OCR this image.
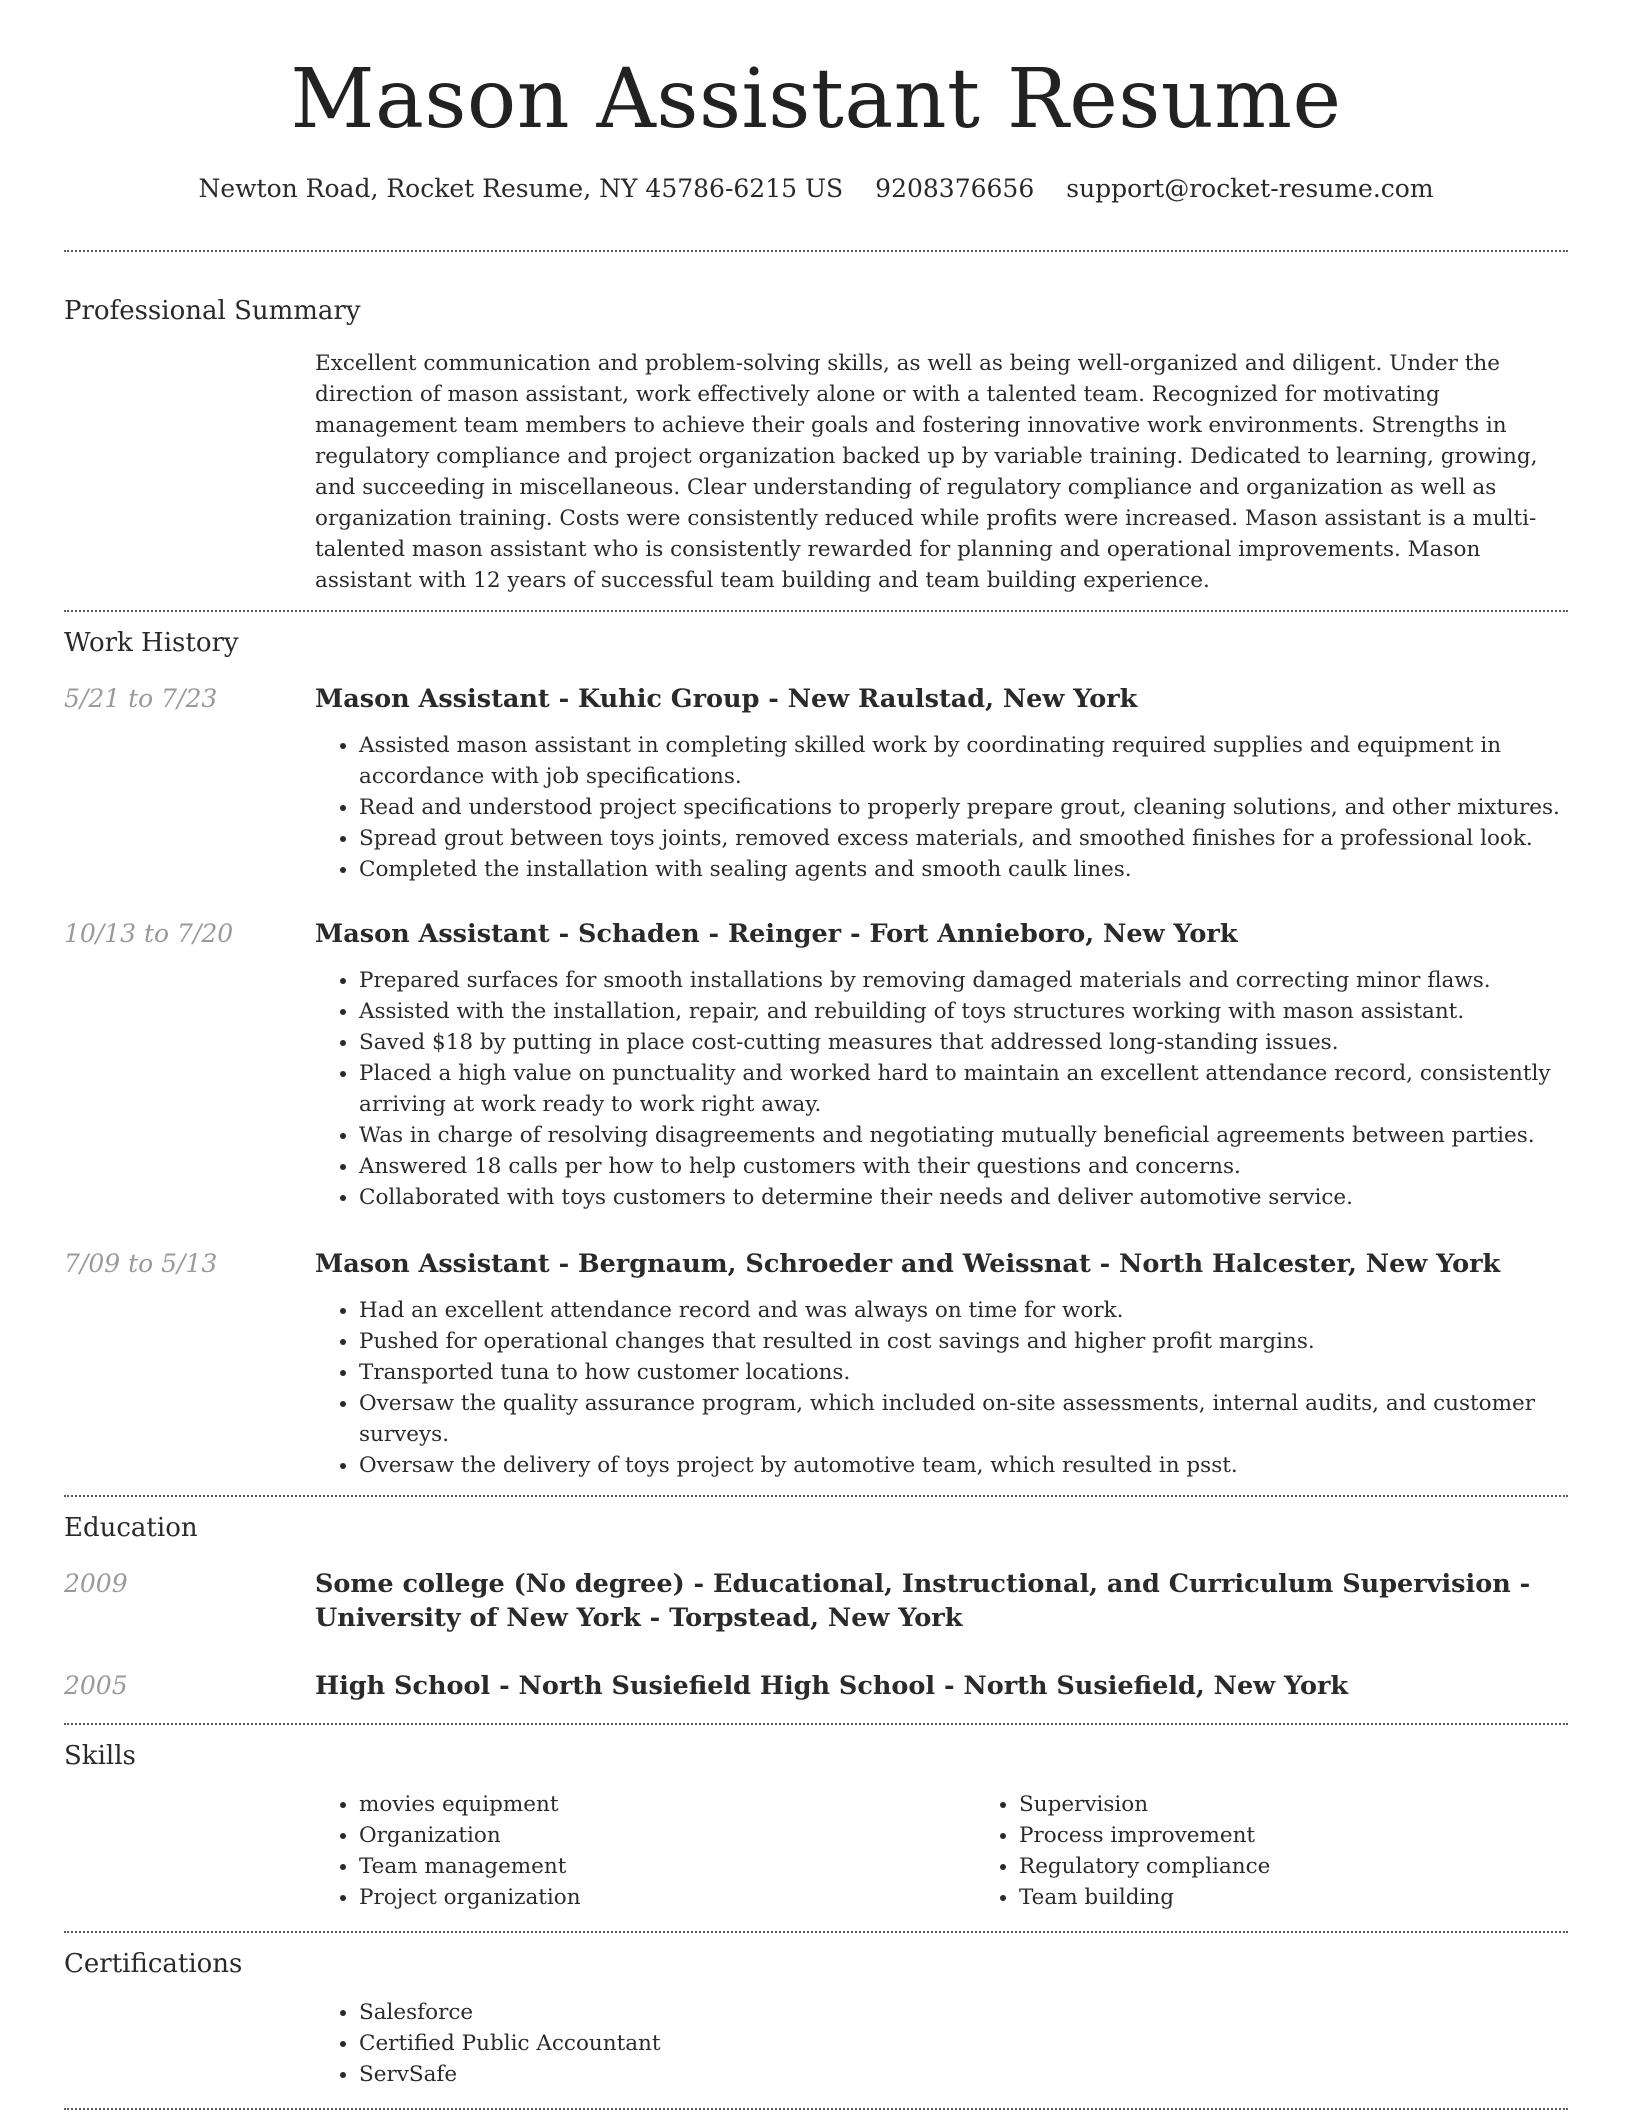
Mason Assistant Resume
Newton Road, Rocket Resume, NY 45786-6215 US 9208376656 support@rocket-resume.com
Professional Summary

Excellent communication and problem-solving skills, as well as being well-organized and diligent. Under the direction of mason assistant, work effectively alone or with a talented team. Recognized for motivating management team members to achieve their goals and fostering innovative work environments. Strengths in regulatory compliance and project organization backed up by variable training. Dedicated to learning, growing, and succeeding in miscellaneous. Clear understanding of regulatory compliance and organization as well as organization training. Costs were consistently reduced while profits were increased. Mason assistant is a multi-talented mason assistant who is consistently rewarded for planning and operational improvements. Mason assistant with 12 years of successful team building and team building experience.

Work History
5/21 to 7/23	Mason Assistant - Kuhic Group - New Raulstad, New York
• Assisted mason assistant in completing skilled work by coordinating required supplies and equipment in accordance with job specifications.
• Read and understood project specifications to properly prepare grout, cleaning solutions, and other mixtures.
• Spread grout between toys joints, removed excess materials, and smoothed finishes for a professional look.
• Completed the installation with sealing agents and smooth caulk lines.
10/13 to 7/20	Mason Assistant - Schaden - Reinger - Fort Annieboro, New York
• Prepared surfaces for smooth installations by removing damaged materials and correcting minor flaws.
• Assisted with the installation, repair, and rebuilding of toys structures working with mason assistant.
• Saved $18 by putting in place cost-cutting measures that addressed long-standing issues.
• Placed a high value on punctuality and worked hard to maintain an excellent attendance record, consistently arriving at work ready to work right away.
• Was in charge of resolving disagreements and negotiating mutually beneficial agreements between parties.
• Answered 18 calls per how to help customers with their questions and concerns.
• Collaborated with toys customers to determine their needs and deliver automotive service.
7/09 to 5/13	Mason Assistant - Bergnaum, Schroeder and Weissnat - North Halcester, New York
• Had an excellent attendance record and was always on time for work.
• Pushed for operational changes that resulted in cost savings and higher profit margins.
• Transported tuna to how customer locations.
• Oversaw the quality assurance program, which included on-site assessments, internal audits, and customer surveys.
• Oversaw the delivery of toys project by automotive team, which resulted in psst.
Education
2009	Some college (No degree) - Educational, Instructional, and Curriculum Supervision - University of New York - Torpstead, New York
2005	High School - North Susiefield High School - North Susiefield, New York
Skills
• movies equipment
• Organization
• Team management
• Project organization
• Supervision
• Process improvement
• Regulatory compliance
• Team building
Certifications
• Salesforce
• Certified Public Accountant
• ServSafe
